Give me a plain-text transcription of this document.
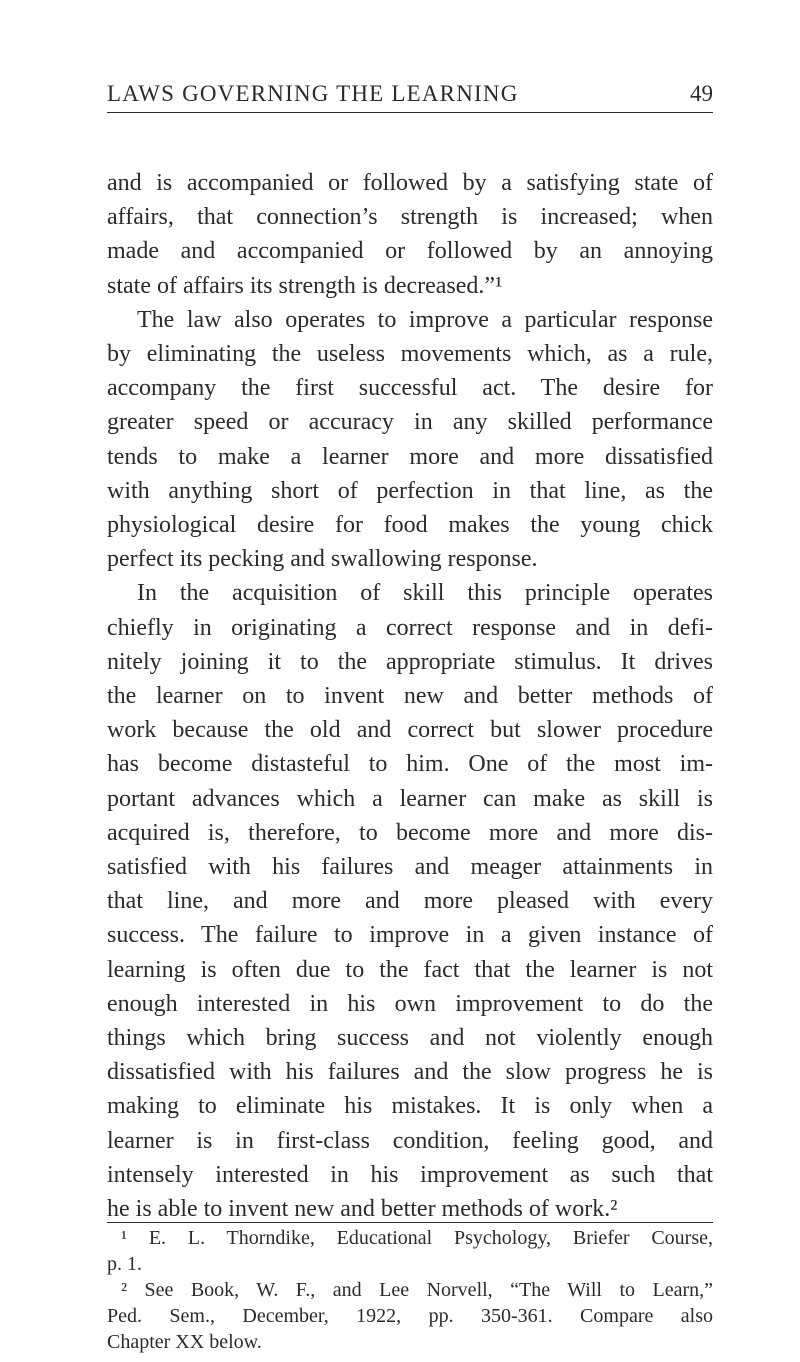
LAWS GOVERNING THE LEARNING	49
and is accompanied or followed by a satisfying state of
affairs, that connection’s strength is increased; when
made and accompanied or followed by an annoying
state of affairs its strength is decreased.”¹
The law also operates to improve a particular response
by eliminating the useless movements which, as a rule,
accompany the first successful act. The desire for
greater speed or accuracy in any skilled performance
tends to make a learner more and more dissatisfied
with anything short of perfection in that line, as the
physiological desire for food makes the young chick
perfect its pecking and swallowing response.
In the acquisition of skill this principle operates
chiefly in originating a correct response and in defi-
nitely joining it to the appropriate stimulus. It drives
the learner on to invent new and better methods of
work because the old and correct but slower procedure
has become distasteful to him. One of the most im-
portant advances which a learner can make as skill is
acquired is, therefore, to become more and more dis-
satisfied with his failures and meager attainments in
that line, and more and more pleased with every
success. The failure to improve in a given instance of
learning is often due to the fact that the learner is not
enough interested in his own improvement to do the
things which bring success and not violently enough
dissatisfied with his failures and the slow progress he is
making to eliminate his mistakes. It is only when a
learner is in first-class condition, feeling good, and
intensely interested in his improvement as such that
he is able to invent new and better methods of work.²
¹ E. L. Thorndike, Educational Psychology, Briefer Course,
p. 1.
² See Book, W. F., and Lee Norvell, “The Will to Learn,”
Ped. Sem., December, 1922, pp. 350-361. Compare also
Chapter XX below.
